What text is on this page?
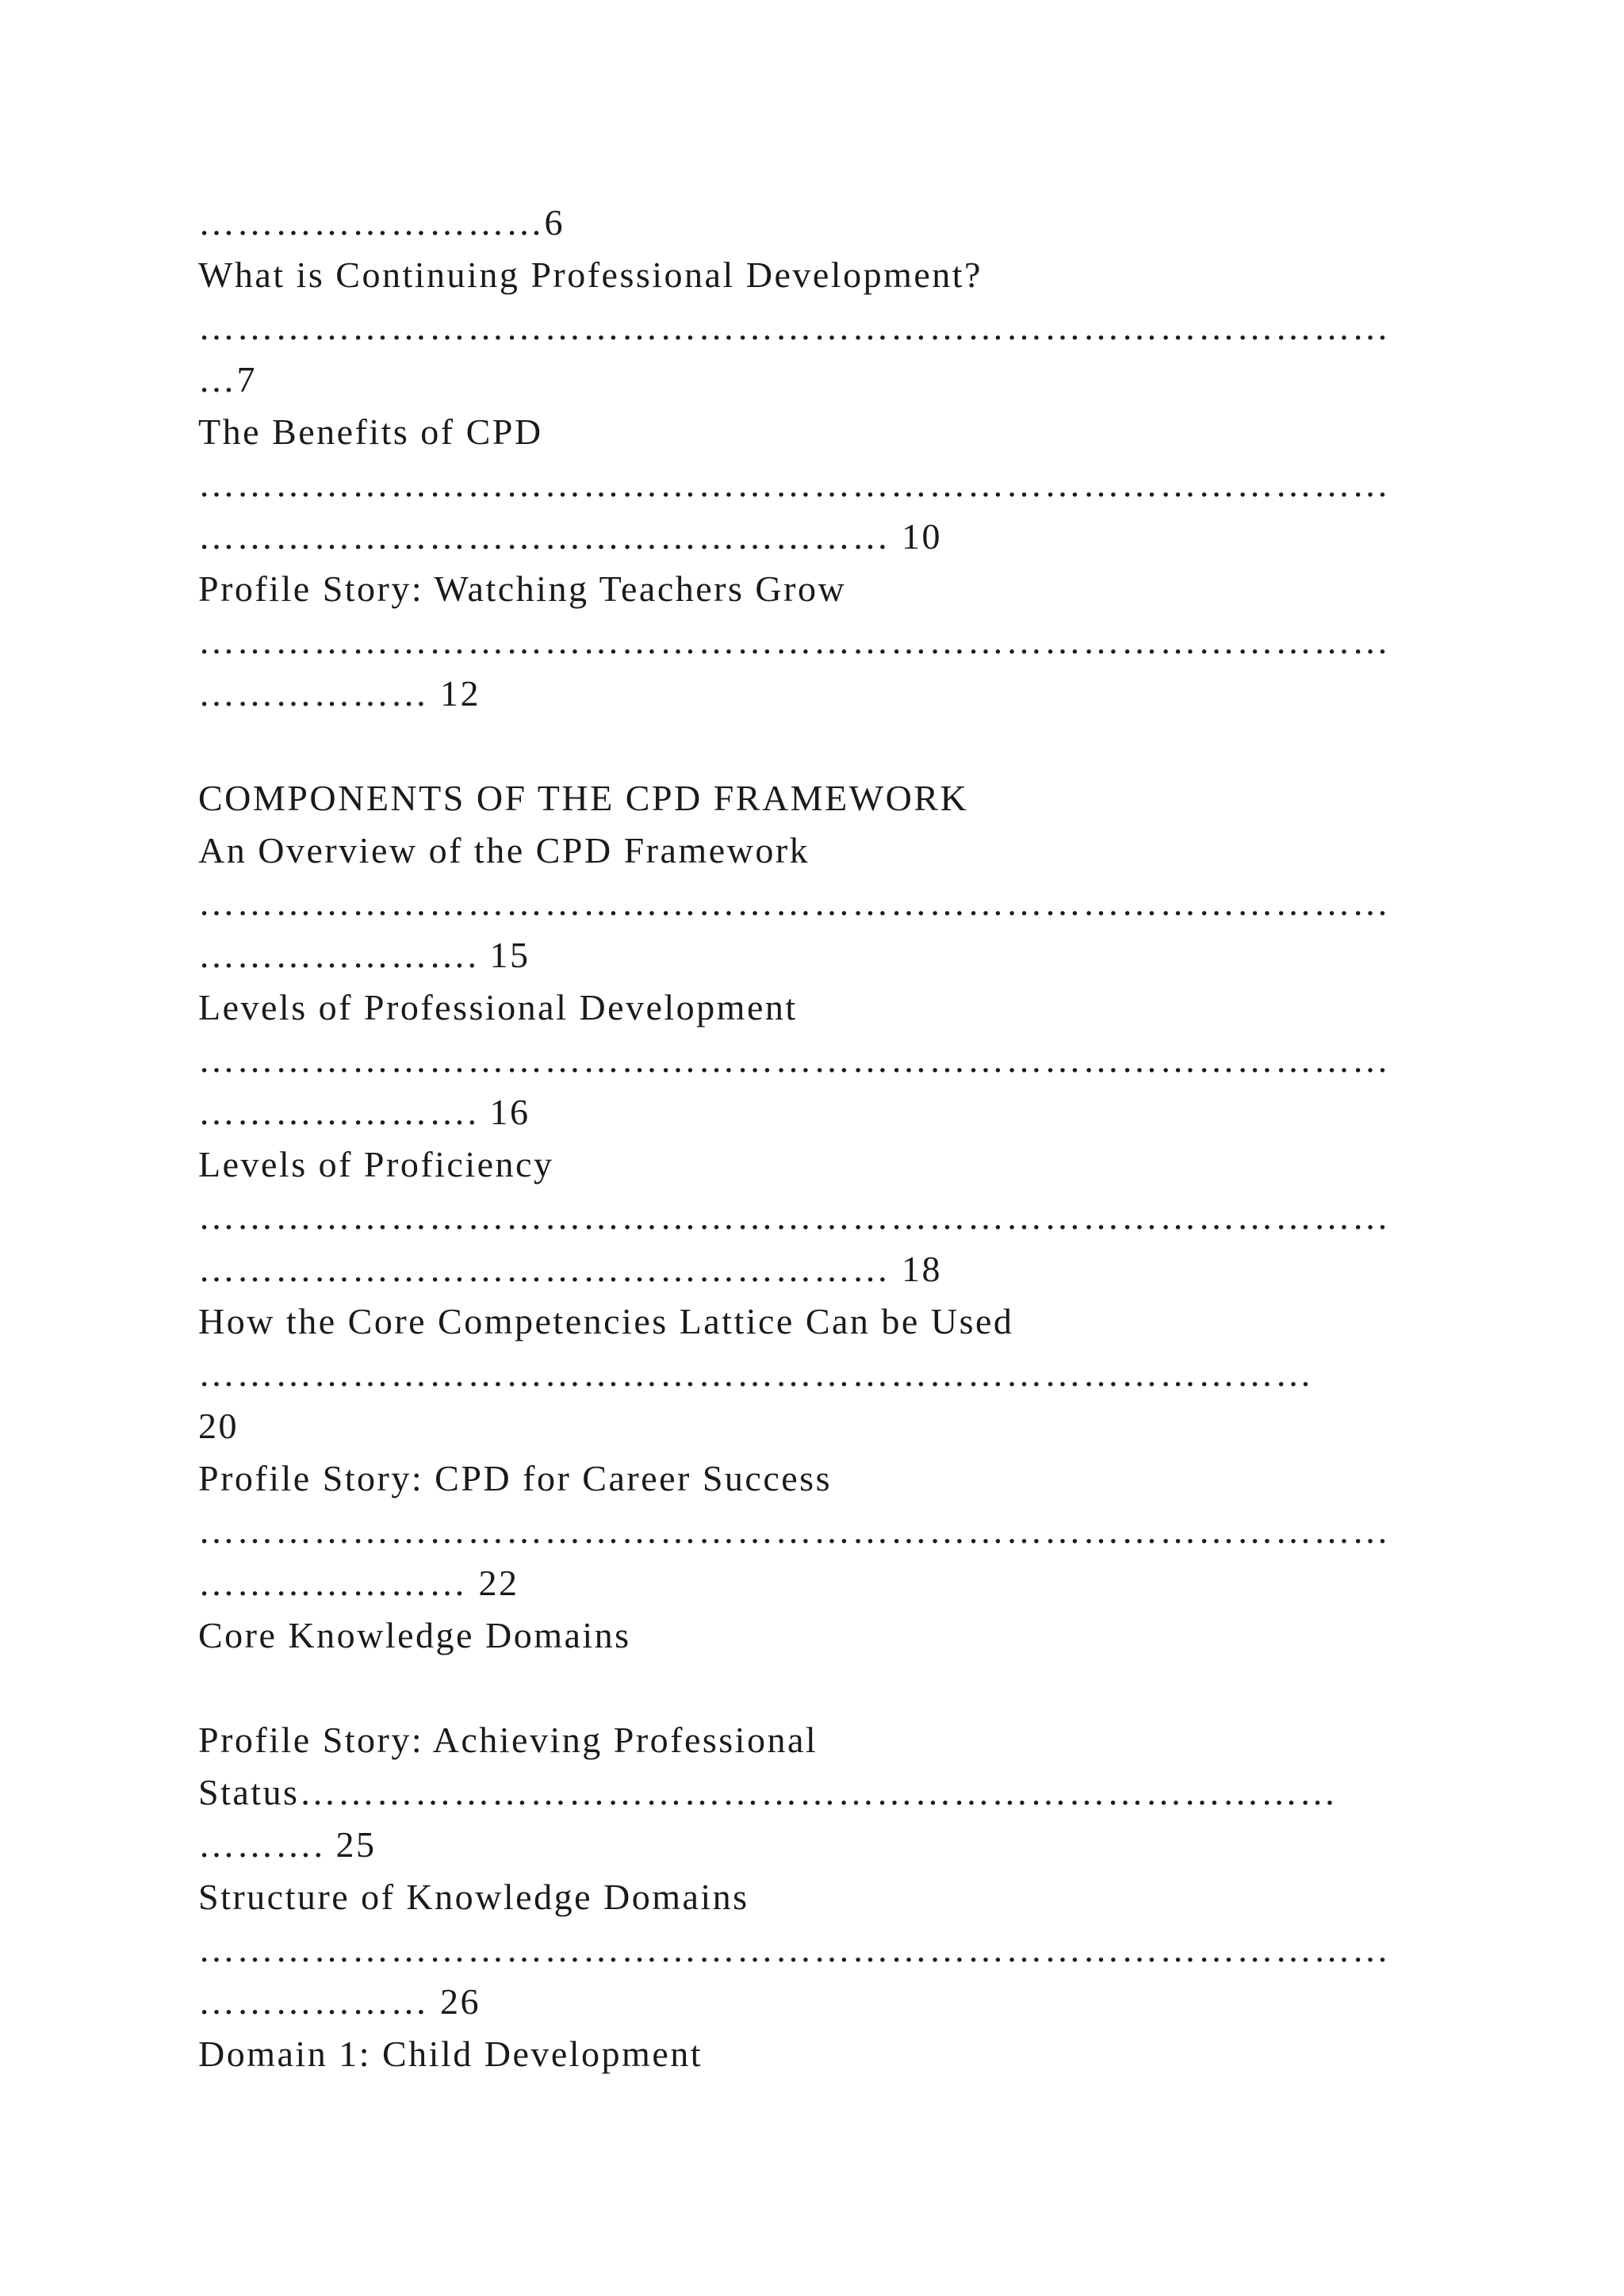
………………………6
What is Continuing Professional Development?
…………………………………………………………………………………
…7
The Benefits of CPD
…………………………………………………………………………………
……………………………………………… 10
Profile Story: Watching Teachers Grow
…………………………………………………………………………………
……………… 12
COMPONENTS OF THE CPD FRAMEWORK
An Overview of the CPD Framework
…………………………………………………………………………………
…………………. 15
Levels of Professional Development
…………………………………………………………………………………
…………………. 16
Levels of Proficiency
…………………………………………………………………………………
……………………………………………… 18
How the Core Competencies Lattice Can be Used
……………………………………………………………………………
20
Profile Story: CPD for Career Success
…………………………………………………………………………………
………………… 22
Core Knowledge Domains
Profile Story: Achieving Professional
Status………………………………………………………………………
………. 25
Structure of Knowledge Domains
…………………………………………………………………………………
……………… 26
Domain 1: Child Development
